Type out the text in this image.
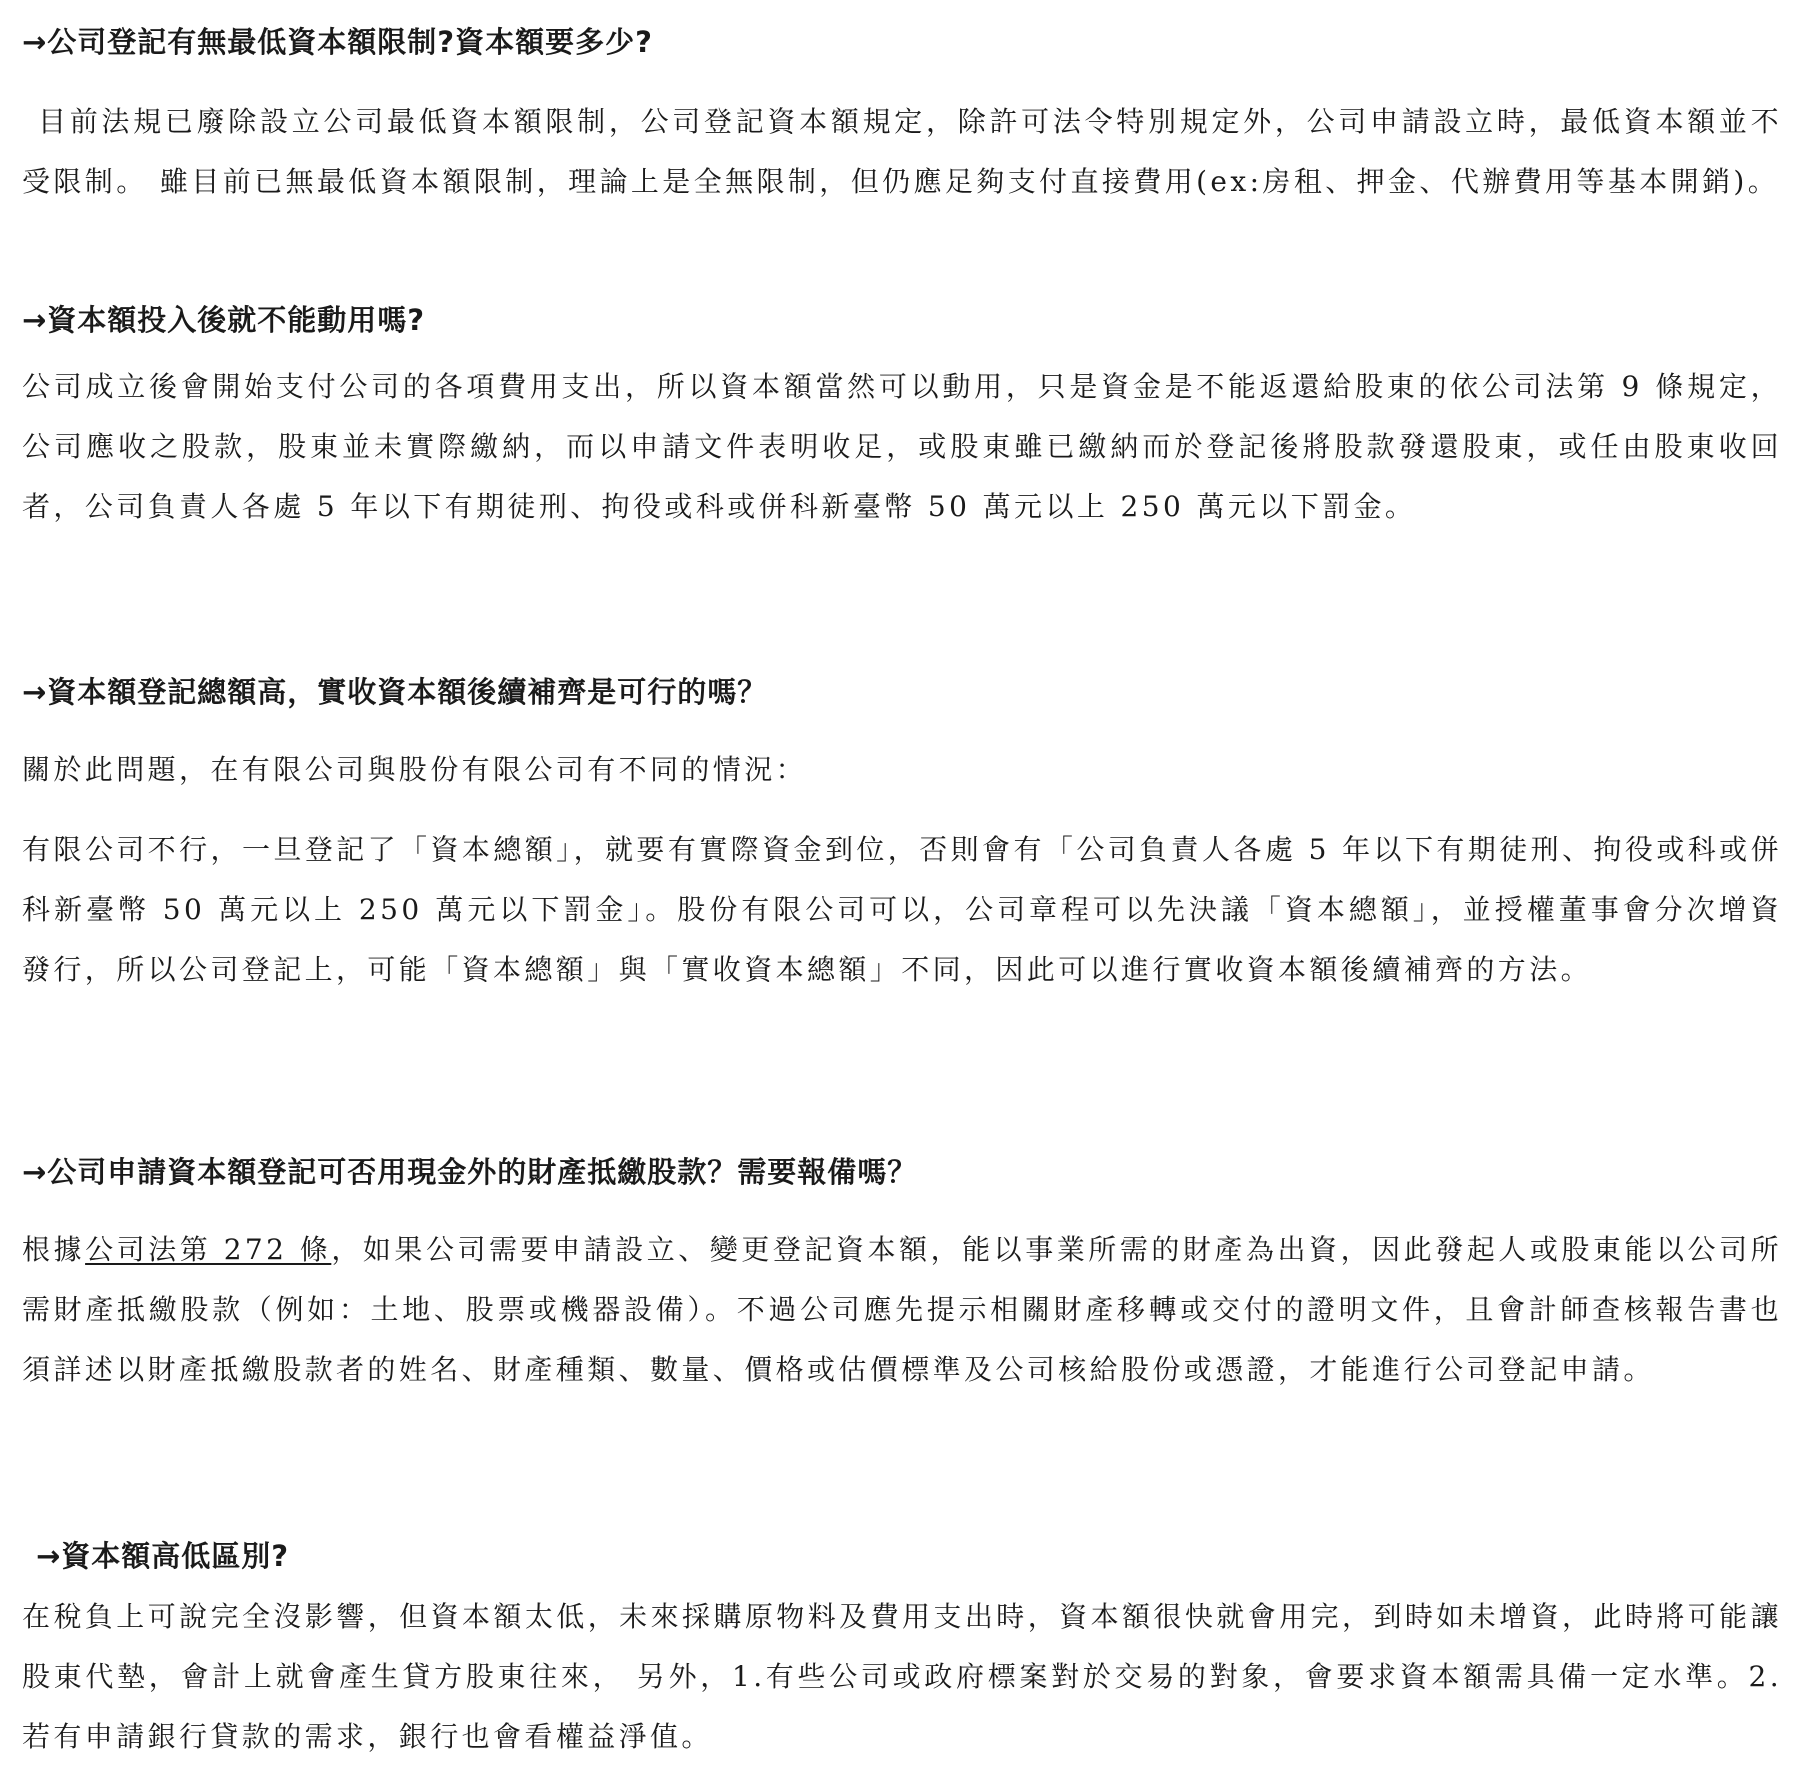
→公司登記有無最低資本額限制?資本額要多少?
目前法規已廢除設立公司最低資本額限制，公司登記資本額規定，除許可法令特別規定外，公司申請設立時，最低資本額並不受限制。 雖目前已無最低資本額限制，理論上是全無限制，但仍應足夠支付直接費用(ex:房租、押金、代辦費用等基本開銷)。
→資本額投入後就不能動用嗎?
公司成立後會開始支付公司的各項費用支出，所以資本額當然可以動用，只是資金是不能返還給股東的依公司法第 9 條規定，公司應收之股款，股東並未實際繳納，而以申請文件表明收足，或股東雖已繳納而於登記後將股款發還股東，或任由股東收回者，公司負責人各處 5 年以下有期徒刑、拘役或科或併科新臺幣 50 萬元以上 250 萬元以下罰金。
→資本額登記總額高，實收資本額後續補齊是可行的嗎？
關於此問題，在有限公司與股份有限公司有不同的情況：
有限公司不行，一旦登記了「資本總額」，就要有實際資金到位，否則會有「公司負責人各處 5 年以下有期徒刑、拘役或科或併科新臺幣 50 萬元以上 250 萬元以下罰金」。股份有限公司可以，公司章程可以先決議「資本總額」，並授權董事會分次增資發行，所以公司登記上，可能「資本總額」與「實收資本總額」不同，因此可以進行實收資本額後續補齊的方法。
→公司申請資本額登記可否用現金外的財產抵繳股款？需要報備嗎？
根據公司法第 272 條，如果公司需要申請設立、變更登記資本額，能以事業所需的財產為出資，因此發起人或股東能以公司所需財產抵繳股款（例如：土地、股票或機器設備）。不過公司應先提示相關財產移轉或交付的證明文件，且會計師查核報告書也須詳述以財產抵繳股款者的姓名、財產種類、數量、價格或估價標準及公司核給股份或憑證，才能進行公司登記申請。
→資本額高低區別?
在稅負上可說完全沒影響，但資本額太低，未來採購原物料及費用支出時，資本額很快就會用完，到時如未增資，此時將可能讓股東代墊，會計上就會產生貸方股東往來， 另外，1.有些公司或政府標案對於交易的對象，會要求資本額需具備一定水準。2.若有申請銀行貸款的需求，銀行也會看權益淨值。
